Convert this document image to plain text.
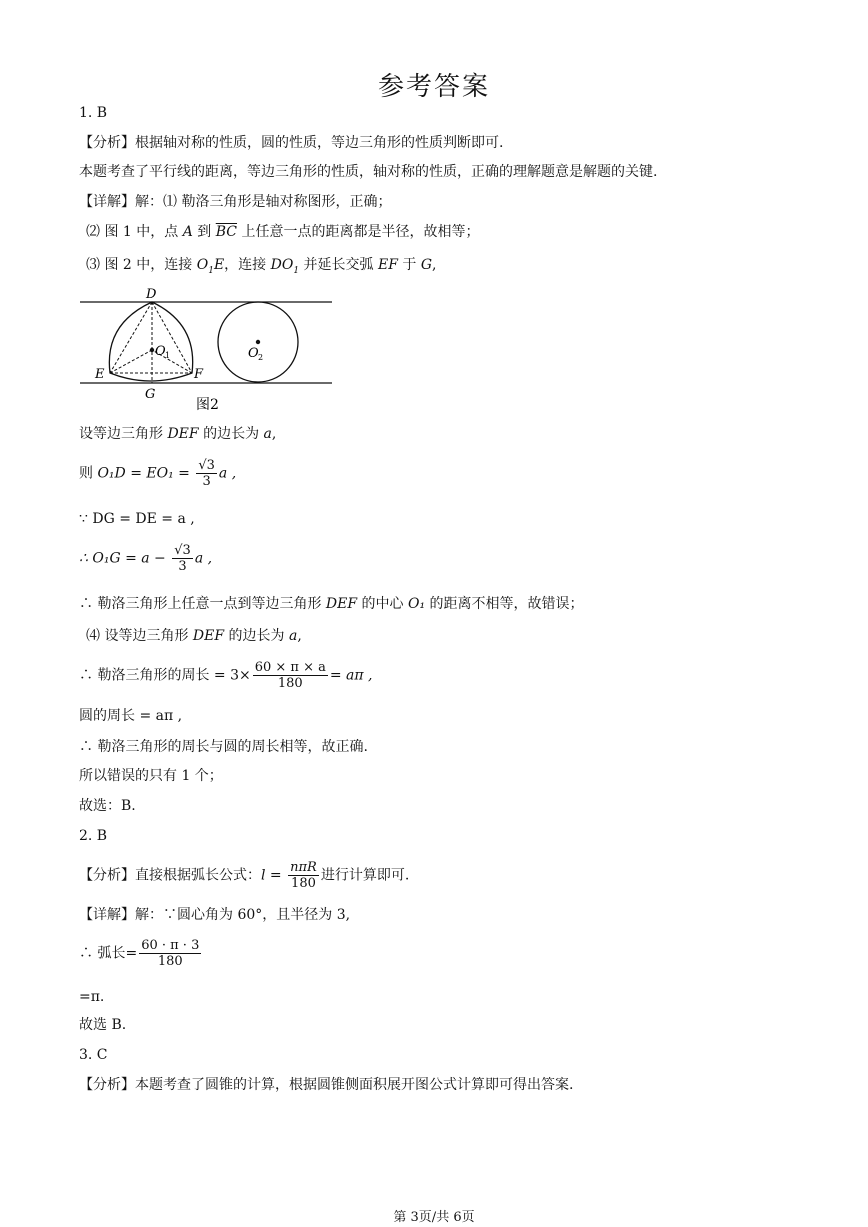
参考答案
1. B
【分析】根据轴对称的性质，圆的性质，等边三角形的性质判断即可.
本题考查了平行线的距离，等边三角形的性质，轴对称的性质，正确的理解题意是解题的关键.
【详解】解：⑴ 勒洛三角形是轴对称图形，正确；
⑵ 图 1 中，点 A 到 $\overline{BC}$ 上任意一点的距离都是半径，故相等；
⑶ 图 2 中，连接 $O_1E$，连接 $DO_1$ 并延长交弧 EF 于 G,
D
E	F
G
O 1	O 2
图2
设等边三角形 DEF 的边长为 a,
则 $O_1D = EO_1 = \frac{√3}{3}$ a ,
∵ DG = DE = a ,
∴ $O_1G = a - \frac{√3}{3}$ a ,
∴ 勒洛三角形上任意一点到等边三角形 DEF 的中心 O₁ 的距离不相等，故错误；
⑷ 设等边三角形 DEF 的边长为 a,
∴ 勒洛三角形的周长 = $3\times \frac{60 \times \pi \times a}{180} = a\pi$ ,
圆的周长 = aπ ,
∴ 勒洛三角形的周长与圆的周长相等，故正确.
所以错误的只有 1 个；
故选：B.
2. B
【分析】直接根据弧长公式：$l = \frac{\text{nπR}}{180}$ 进行计算即可.
【详解】解：∵圆心角为 60°，且半径为 3,
∴ 弧长= $\frac{60 \cdot \pi \cdot 3}{180}$
=π.
故选 B.
3. C
【分析】本题考查了圆锥的计算，根据圆锥侧面积展开图公式计算即可得出答案.
第 3页/共 6页
